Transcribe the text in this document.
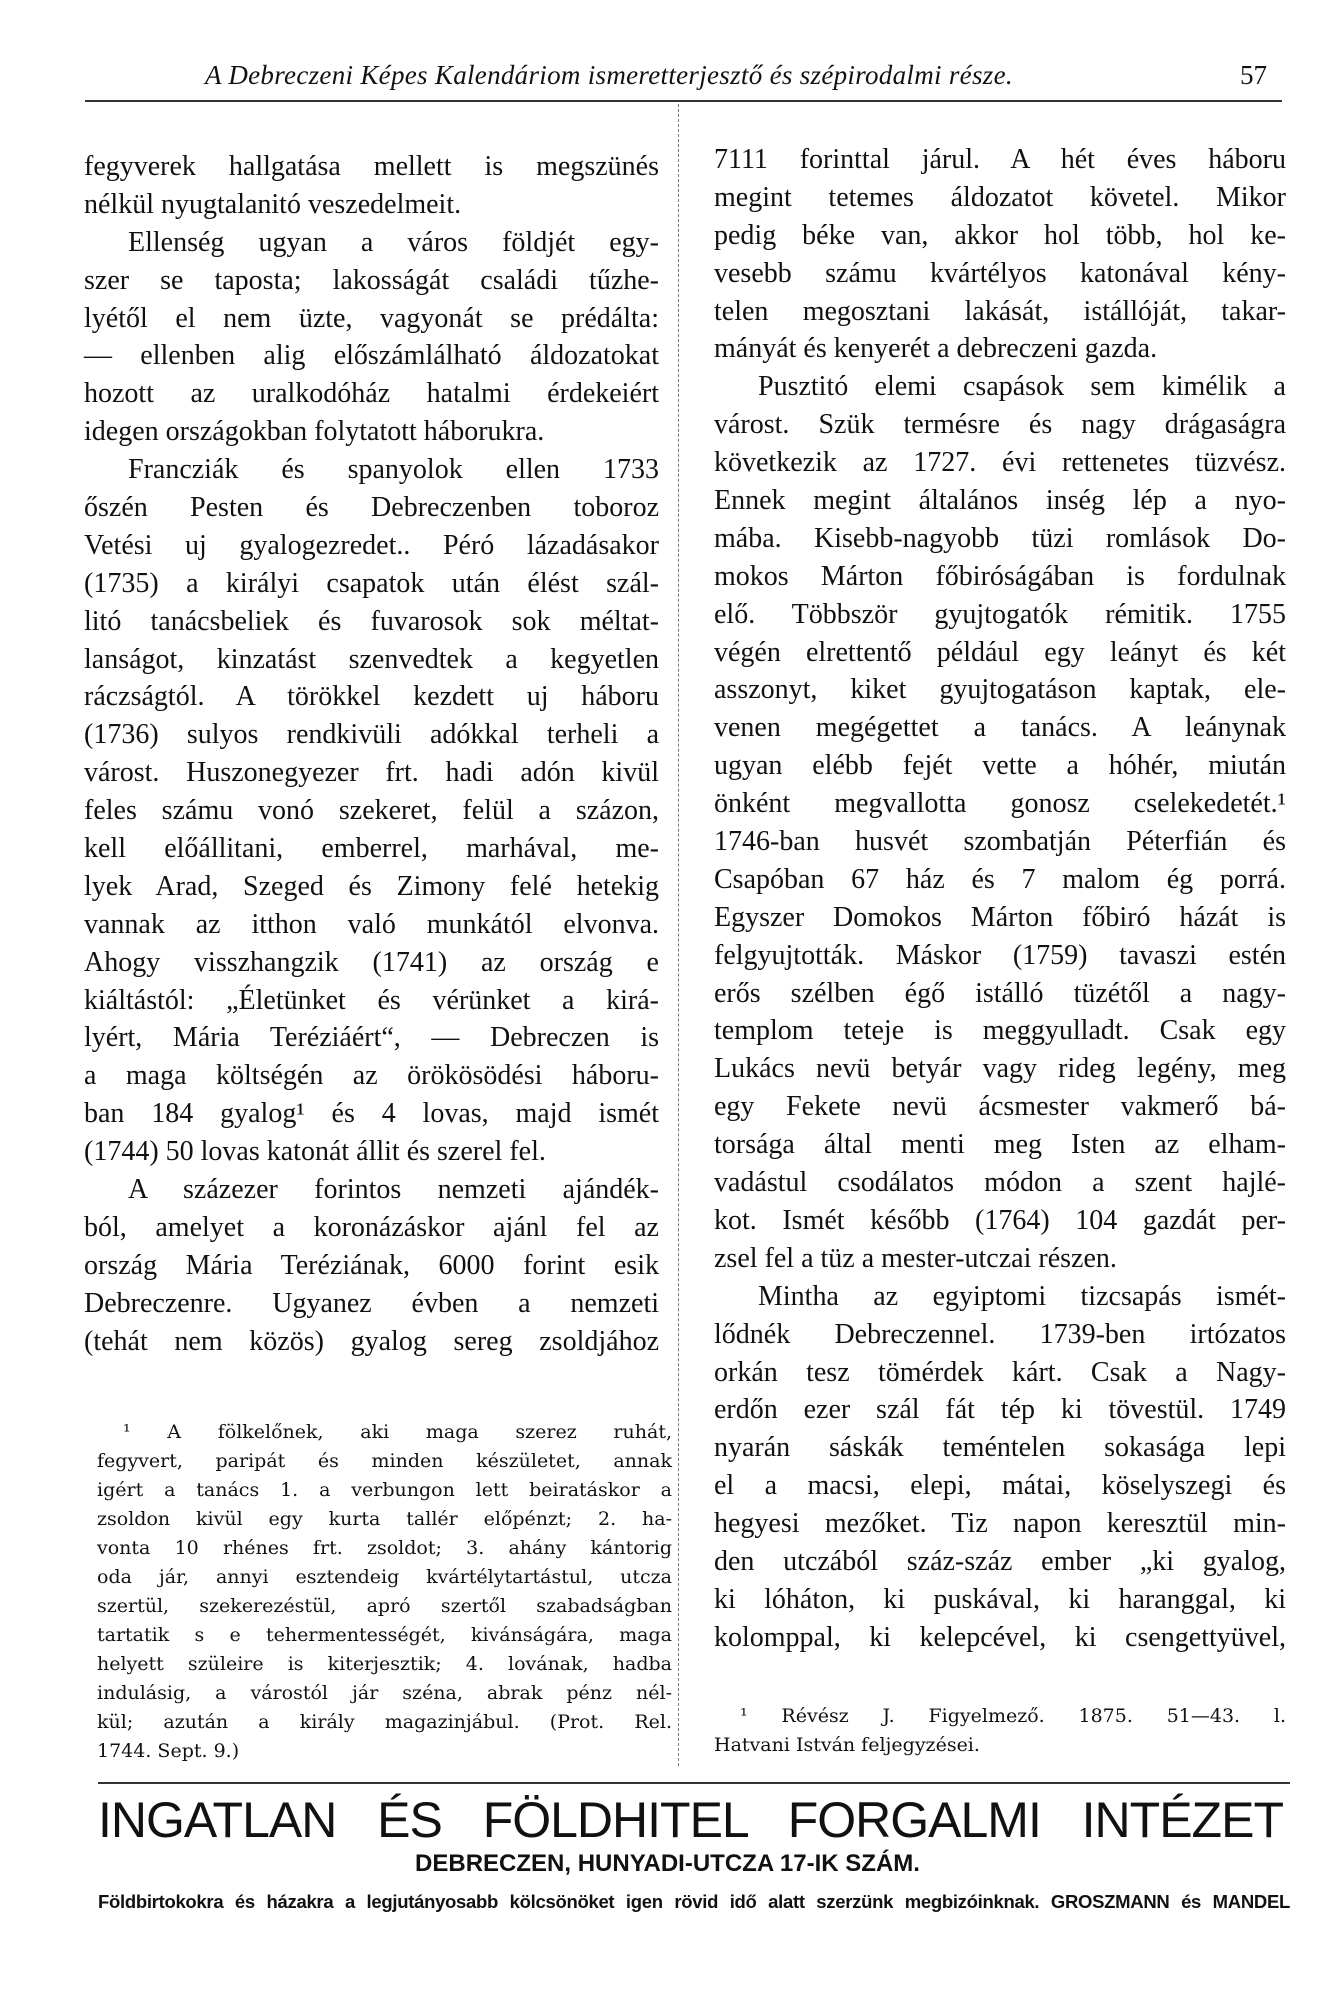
A Debreczeni Képes Kalendáriom ismeretterjesztő és szépirodalmi része.	57
fegyverek hallgatása mellett is megszünés
nélkül nyugtalanitó veszedelmeit.
Ellenség ugyan a város földjét egy-
szer se taposta; lakosságát családi tűzhe-
lyétől el nem üzte, vagyonát se prédálta:
— ellenben alig előszámlálható áldozatokat
hozott az uralkodóház hatalmi érdekeiért
idegen országokban folytatott háborukra.
Francziák és spanyolok ellen 1733
őszén Pesten és Debreczenben toboroz
Vetési uj gyalogezredet.. Péró lázadásakor
(1735) a királyi csapatok után élést szál-
litó tanácsbeliek és fuvarosok sok méltat-
lanságot, kinzatást szenvedtek a kegyetlen
ráczságtól. A törökkel kezdett uj háboru
(1736) sulyos rendkivüli adókkal terheli a
várost. Huszonegyezer frt. hadi adón kivül
feles számu vonó szekeret, felül a százon,
kell előállitani, emberrel, marhával, me-
lyek Arad, Szeged és Zimony felé hetekig
vannak az itthon való munkától elvonva.
Ahogy visszhangzik (1741) az ország e
kiáltástól: „Életünket és vérünket a kirá-
lyért, Mária Teréziáért“, — Debreczen is
a maga költségén az örökösödési háboru-
ban 184 gyalog¹ és 4 lovas, majd ismét
(1744) 50 lovas katonát állit és szerel fel.
A százezer forintos nemzeti ajándék-
ból, amelyet a koronázáskor ajánl fel az
ország Mária Teréziának, 6000 forint esik
Debreczenre. Ugyanez évben a nemzeti
(tehát nem közös) gyalog sereg zsoldjához
¹ A fölkelőnek, aki maga szerez ruhát,
fegyvert, paripát és minden készületet, annak
igért a tanács 1. a verbungon lett beiratáskor a
zsoldon kivül egy kurta tallér előpénzt; 2. ha-
vonta 10 rhénes frt. zsoldot; 3. ahány kántorig
oda jár, annyi esztendeig kvártélytartástul, utcza
szertül, szekerezéstül, apró szertől szabadságban
tartatik s e tehermentességét, kivánságára, maga
helyett szüleire is kiterjesztik; 4. lovának, hadba
indulásig, a várostól jár széna, abrak pénz nél-
kül; azután a király magazinjábul. (Prot. Rel.
1744. Sept. 9.)
7111 forinttal járul. A hét éves háboru
megint tetemes áldozatot követel. Mikor
pedig béke van, akkor hol több, hol ke-
vesebb számu kvártélyos katonával kény-
telen megosztani lakását, istállóját, takar-
mányát és kenyerét a debreczeni gazda.
Pusztitó elemi csapások sem kimélik a
várost. Szük termésre és nagy drágaságra
következik az 1727. évi rettenetes tüzvész.
Ennek megint általános inség lép a nyo-
mába. Kisebb-nagyobb tüzi romlások Do-
mokos Márton főbiróságában is fordulnak
elő. Többször gyujtogatók rémitik. 1755
végén elrettentő például egy leányt és két
asszonyt, kiket gyujtogatáson kaptak, ele-
venen megégettet a tanács. A leánynak
ugyan elébb fejét vette a hóhér, miután
önként megvallotta gonosz cselekedetét.¹
1746-ban husvét szombatján Péterfián és
Csapóban 67 ház és 7 malom ég porrá.
Egyszer Domokos Márton főbiró házát is
felgyujtották. Máskor (1759) tavaszi estén
erős szélben égő istálló tüzétől a nagy-
templom teteje is meggyulladt. Csak egy
Lukács nevü betyár vagy rideg legény, meg
egy Fekete nevü ácsmester vakmerő bá-
torsága által menti meg Isten az elham-
vadástul csodálatos módon a szent hajlé-
kot. Ismét később (1764) 104 gazdát per-
zsel fel a tüz a mester-utczai részen.
Mintha az egyiptomi tizcsapás ismét-
lődnék Debreczennel. 1739-ben irtózatos
orkán tesz tömérdek kárt. Csak a Nagy-
erdőn ezer szál fát tép ki tövestül. 1749
nyarán sáskák teméntelen sokasága lepi
el a macsi, elepi, mátai, köselyszegi és
hegyesi mezőket. Tiz napon keresztül min-
den utczából száz-száz ember „ki gyalog,
ki lóháton, ki puskával, ki haranggal, ki
kolomppal, ki kelepcével, ki csengettyüvel,
¹ Révész J. Figyelmező. 1875. 51—43. l.
Hatvani István feljegyzései.
INGATLAN ÉS FÖLDHITEL FORGALMI INTÉZET
DEBRECZEN, HUNYADI-UTCZA 17-IK SZÁM.
Földbirtokokra és házakra a legjutányosabb kölcsönöket igen rövid idő alatt szerzünk megbizóinknak. GROSZMANN és MANDEL
